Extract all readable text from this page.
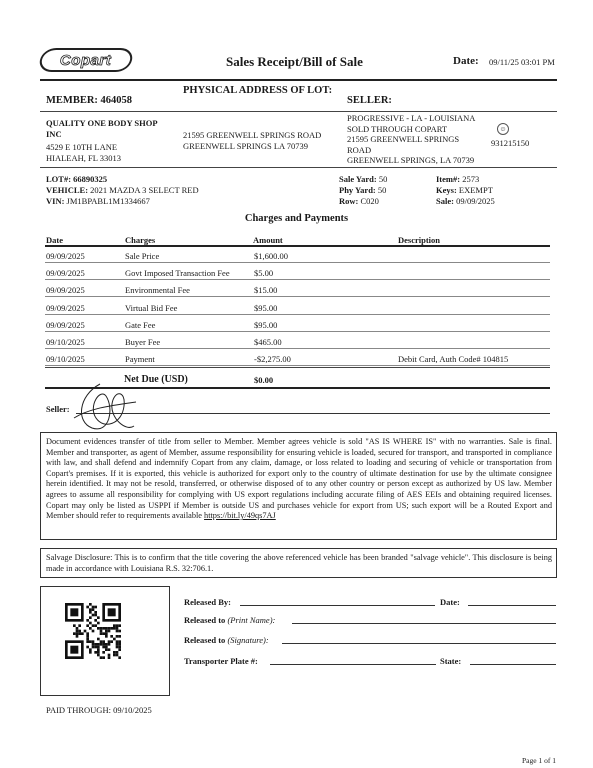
Copart	Sales Receipt/Bill of Sale	Date: 09/11/25 03:01 PM
MEMBER: 464058
PHYSICAL ADDRESS OF LOT:
SELLER:
QUALITY ONE BODY SHOP
INC
4529 E 10TH LANE
HIALEAH, FL 33013
21595 GREENWELL SPRINGS ROAD
GREENWELL SPRINGS LA 70739
PROGRESSIVE - LA - LOUISIANA
SOLD THROUGH COPART
21595 GREENWELL SPRINGS
ROAD
GREENWELL SPRINGS, LA 70739
☺
931215150
LOT#: 66890325
VEHICLE: 2021 MAZDA 3 SELECT RED
VIN: JM1BPABL1M1334667
Sale Yard: 50
Phy Yard: 50
Row: C020
Item#: 2573
Keys: EXEMPT
Sale: 09/09/2025
Charges and Payments
Date	Charges	Amount	Description
09/09/2025	Sale Price	$1,600.00
09/09/2025	Govt Imposed Transaction Fee	$5.00
09/09/2025	Environmental Fee	$15.00
09/09/2025	Virtual Bid Fee	$95.00
09/09/2025	Gate Fee	$95.00
09/10/2025	Buyer Fee	$465.00
09/10/2025	Payment	-$2,275.00	Debit Card, Auth Code# 104815
Net Due (USD)	$0.00
Seller:
Document evidences transfer of title from seller to Member. Member agrees vehicle is sold "AS IS WHERE IS" with no warranties. Sale is final. Member and transporter, as agent of Member, assume responsibility for ensuring vehicle is loaded, secured for transport, and transported in compliance with law, and shall defend and indemnify Copart from any claim, damage, or loss related to loading and securing of vehicle or transportation from Copart's premises. If it is exported, this vehicle is authorized for export only to the country of ultimate destination for use by the ultimate consignee herein identified. It may not be resold, transferred, or otherwise disposed of to any other country or person except as authorized by US law. Member agrees to assume all responsibility for complying with US export regulations including accurate filing of AES EEIs and obtaining required licenses. Copart may only be listed as USPPI if Member is outside US and purchases vehicle for export from US; such export will be a Routed Export and Member should refer to requirements available https://bit.ly/49qs7AJ
Salvage Disclosure: This is to confirm that the title covering the above referenced vehicle has been branded "salvage vehicle". This disclosure is being made in accordance with Louisiana R.S. 32:706.1.
Released By:	Date:
Released to (Print Name):
Released to (Signature):
Transporter Plate #:	State:
PAID THROUGH: 09/10/2025
Page 1 of 1
